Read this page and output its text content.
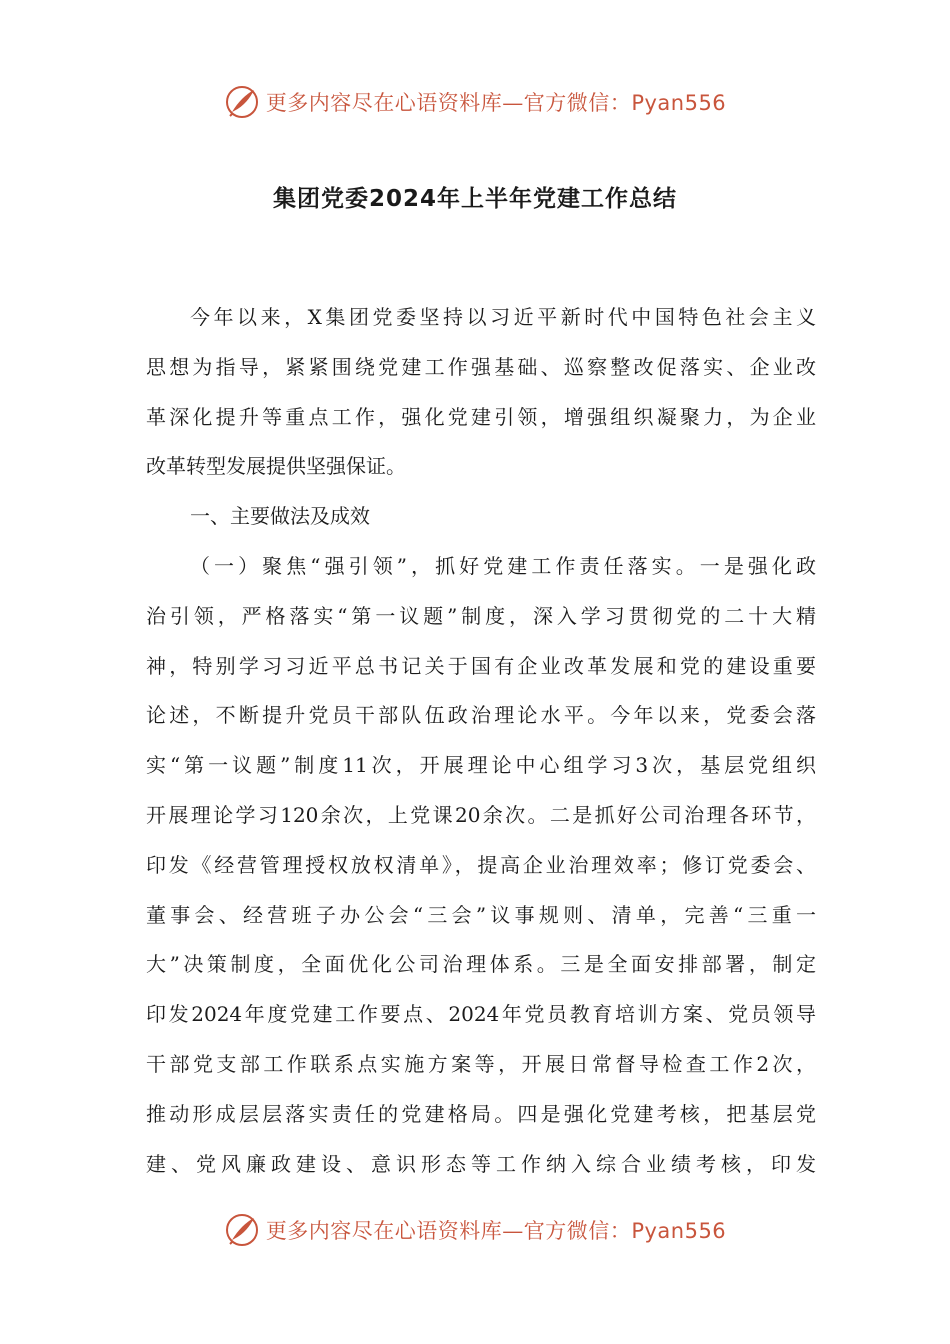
更多内容尽在心语资料库—官方微信：Pyan556
集团党委2024年上半年党建工作总结
今年以来，X集团党委坚持以习近平新时代中国特色社会主义
思想为指导，紧紧围绕党建工作强基础、巡察整改促落实、企业改
革深化提升等重点工作，强化党建引领，增强组织凝聚力，为企业
改革转型发展提供坚强保证。
一、主要做法及成效
（一）聚焦“强引领”，抓好党建工作责任落实。一是强化政
治引领，严格落实“第一议题”制度，深入学习贯彻党的二十大精
神，特别学习习近平总书记关于国有企业改革发展和党的建设重要
论述，不断提升党员干部队伍政治理论水平。今年以来，党委会落
实“第一议题”制度11次，开展理论中心组学习3次，基层党组织
开展理论学习120余次，上党课20余次。二是抓好公司治理各环节，
印发《经营管理授权放权清单》，提高企业治理效率；修订党委会、
董事会、经营班子办公会“三会”议事规则、清单，完善“三重一
大”决策制度，全面优化公司治理体系。三是全面安排部署，制定
印发2024年度党建工作要点、2024年党员教育培训方案、党员领导
干部党支部工作联系点实施方案等，开展日常督导检查工作2次，
推动形成层层落实责任的党建格局。四是强化党建考核，把基层党
建、党风廉政建设、意识形态等工作纳入综合业绩考核，印发
更多内容尽在心语资料库—官方微信：Pyan556
